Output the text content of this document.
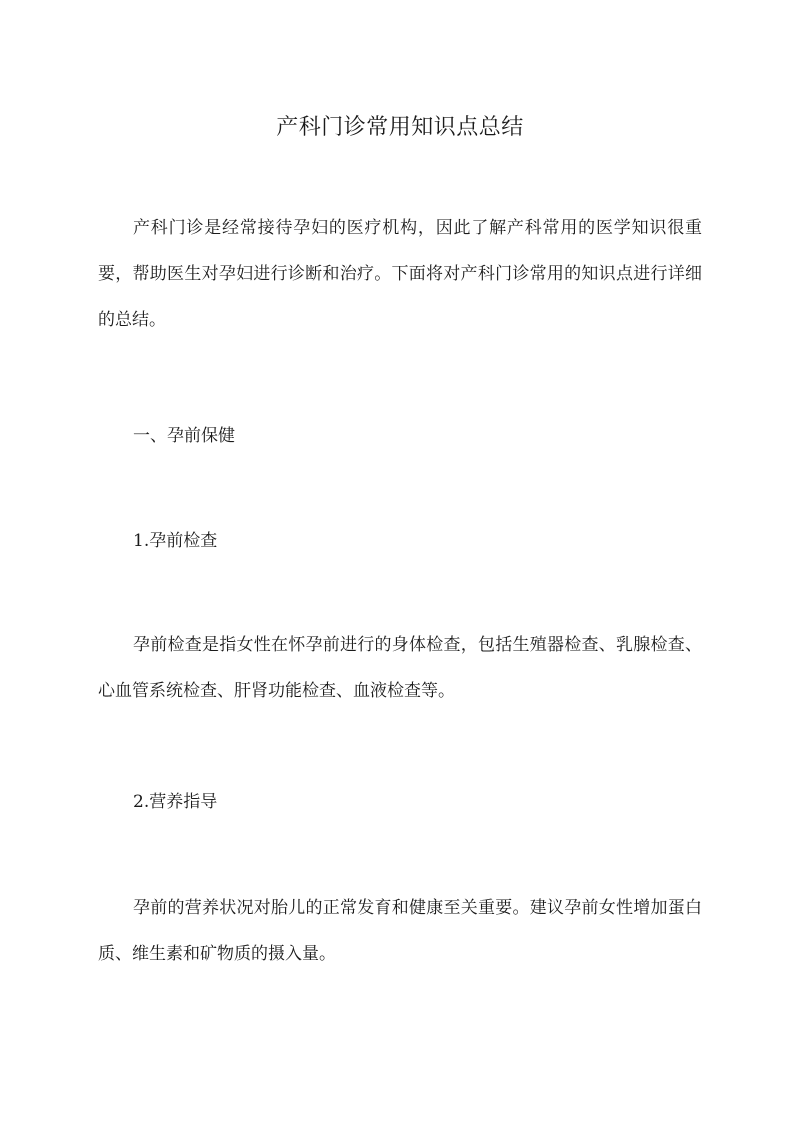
产科门诊常用知识点总结

产科门诊是经常接待孕妇的医疗机构，因此了解产科常用的医学知识很重要，帮助医生对孕妇进行诊断和治疗。下面将对产科门诊常用的知识点进行详细的总结。

一、孕前保健

1.孕前检查

孕前检查是指女性在怀孕前进行的身体检查，包括生殖器检查、乳腺检查、心血管系统检查、肝肾功能检查、血液检查等。

2.营养指导

孕前的营养状况对胎儿的正常发育和健康至关重要。建议孕前女性增加蛋白质、维生素和矿物质的摄入量。
